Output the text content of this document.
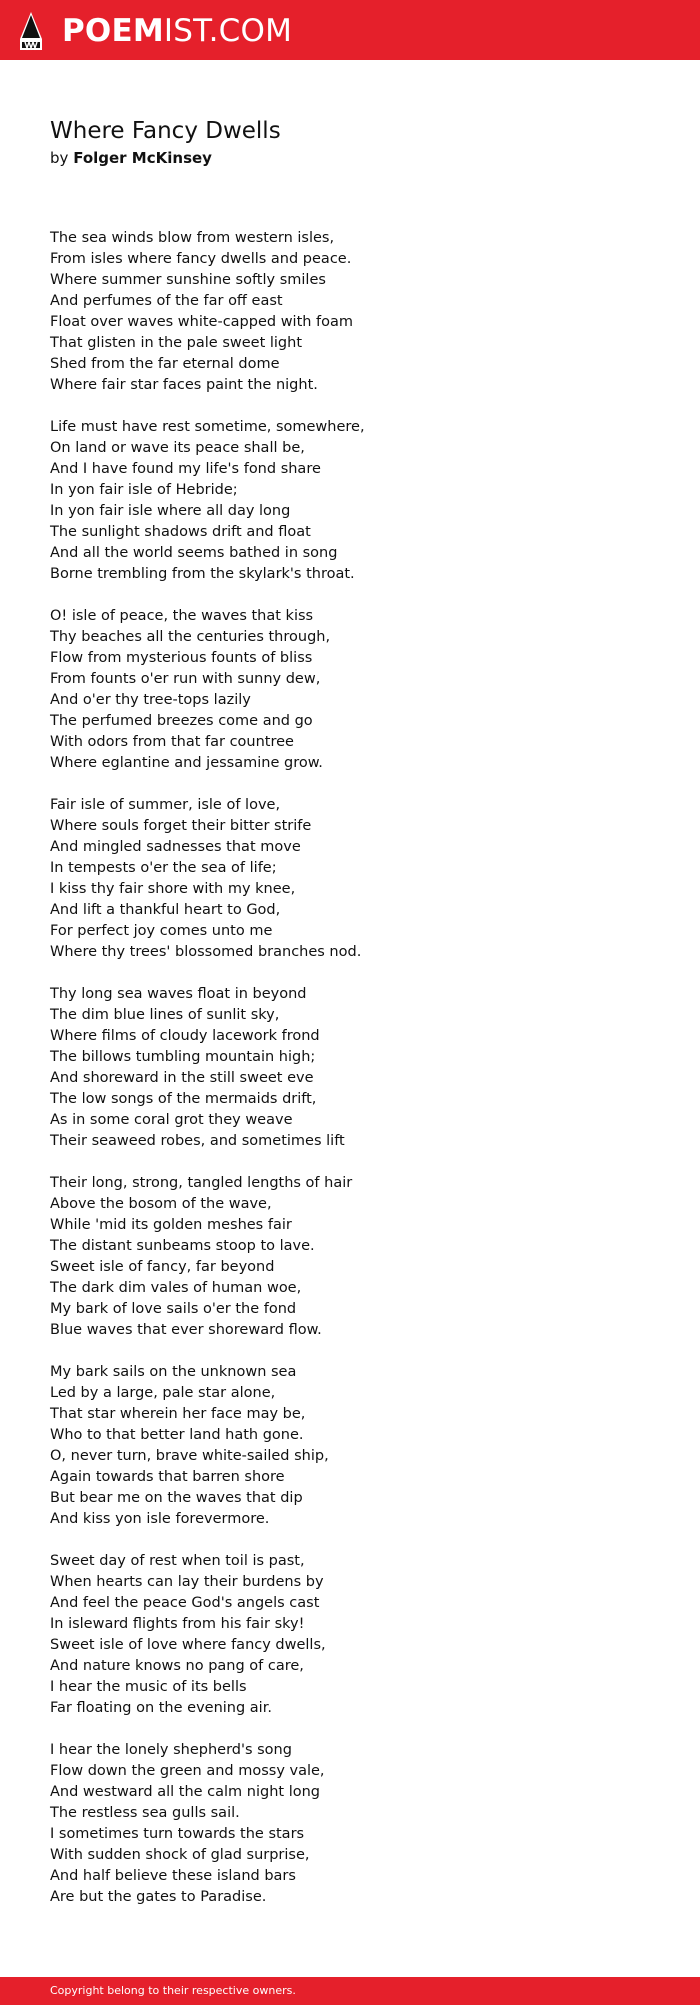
POEMIST.COM
Where Fancy Dwells

by Folger McKinsey

The sea winds blow from western isles,
From isles where fancy dwells and peace.
Where summer sunshine softly smiles
And perfumes of the far off east
Float over waves white-capped with foam
That glisten in the pale sweet light
Shed from the far eternal dome
Where fair star faces paint the night.
Life must have rest sometime, somewhere,
On land or wave its peace shall be,
And I have found my life's fond share
In yon fair isle of Hebride;
In yon fair isle where all day long
The sunlight shadows drift and float
And all the world seems bathed in song
Borne trembling from the skylark's throat.
O! isle of peace, the waves that kiss
Thy beaches all the centuries through,
Flow from mysterious founts of bliss
From founts o'er run with sunny dew,
And o'er thy tree-tops lazily
The perfumed breezes come and go
With odors from that far countree
Where eglantine and jessamine grow.
Fair isle of summer, isle of love,
Where souls forget their bitter strife
And mingled sadnesses that move
In tempests o'er the sea of life;
I kiss thy fair shore with my knee,
And lift a thankful heart to God,
For perfect joy comes unto me
Where thy trees' blossomed branches nod.
Thy long sea waves float in beyond
The dim blue lines of sunlit sky,
Where films of cloudy lacework frond
The billows tumbling mountain high;
And shoreward in the still sweet eve
The low songs of the mermaids drift,
As in some coral grot they weave
Their seaweed robes, and sometimes lift
Their long, strong, tangled lengths of hair
Above the bosom of the wave,
While 'mid its golden meshes fair
The distant sunbeams stoop to lave.
Sweet isle of fancy, far beyond
The dark dim vales of human woe,
My bark of love sails o'er the fond
Blue waves that ever shoreward flow.
My bark sails on the unknown sea
Led by a large, pale star alone,
That star wherein her face may be,
Who to that better land hath gone.
O, never turn, brave white-sailed ship,
Again towards that barren shore
But bear me on the waves that dip
And kiss yon isle forevermore.
Sweet day of rest when toil is past,
When hearts can lay their burdens by
And feel the peace God's angels cast
In isleward flights from his fair sky!
Sweet isle of love where fancy dwells,
And nature knows no pang of care,
I hear the music of its bells
Far floating on the evening air.
I hear the lonely shepherd's song
Flow down the green and mossy vale,
And westward all the calm night long
The restless sea gulls sail.
I sometimes turn towards the stars
With sudden shock of glad surprise,
And half believe these island bars
Are but the gates to Paradise.
Copyright belong to their respective owners.
